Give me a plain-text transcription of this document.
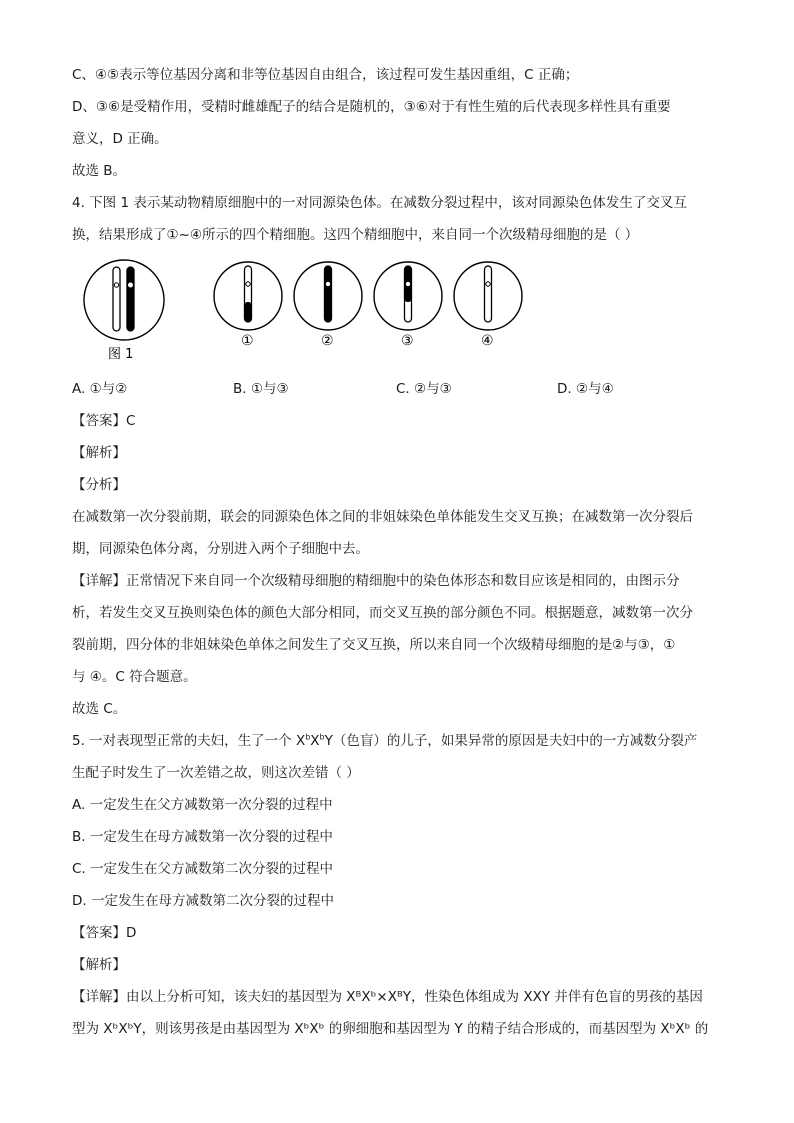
C、④⑤表示等位基因分离和非等位基因自由组合，该过程可发生基因重组，C 正确；
D、③⑥是受精作用，受精时雌雄配子的结合是随机的，③⑥对于有性生殖的后代表现多样性具有重要
意义，D 正确。
故选 B。
4. 下图 1 表示某动物精原细胞中的一对同源染色体。在减数分裂过程中，该对同源染色体发生了交叉互
换，结果形成了①~④所示的四个精细胞。这四个精细胞中，来自同一个次级精母细胞的是（ ）
图 1
①	②	③	④
A. ①与②	B. ①与③	C. ②与③	D. ②与④
【答案】C
【解析】
【分析】
在减数第一次分裂前期，联会的同源染色体之间的非姐妹染色单体能发生交叉互换；在减数第一次分裂后
期，同源染色体分离，分别进入两个子细胞中去。
【详解】正常情况下来自同一个次级精母细胞的精细胞中的染色体形态和数目应该是相同的，由图示分
析，若发生交叉互换则染色体的颜色大部分相同，而交叉互换的部分颜色不同。根据题意，减数第一次分
裂前期，四分体的非姐妹染色单体之间发生了交叉互换，所以来自同一个次级精母细胞的是②与③，①
与 ④。C 符合题意。
故选 C。
5. 一对表现型正常的夫妇，生了一个 $X^bX^bY$（色盲）的儿子，如果异常的原因是夫妇中的一方减数分裂产
生配子时发生了一次差错之故，则这次差错（ ）
A. 一定发生在父方减数第一次分裂的过程中
B. 一定发生在母方减数第一次分裂的过程中
C. 一定发生在父方减数第二次分裂的过程中
D. 一定发生在母方减数第二次分裂的过程中
【答案】D
【解析】
【详解】由以上分析可知，该夫妇的基因型为 XᴮXᵇ×XᴮY，性染色体组成为 XXY 并伴有色盲的男孩的基因
型为 XᵇXᵇY，则该男孩是由基因型为 XᵇXᵇ 的卵细胞和基因型为 Y 的精子结合形成的，而基因型为 XᵇXᵇ 的
